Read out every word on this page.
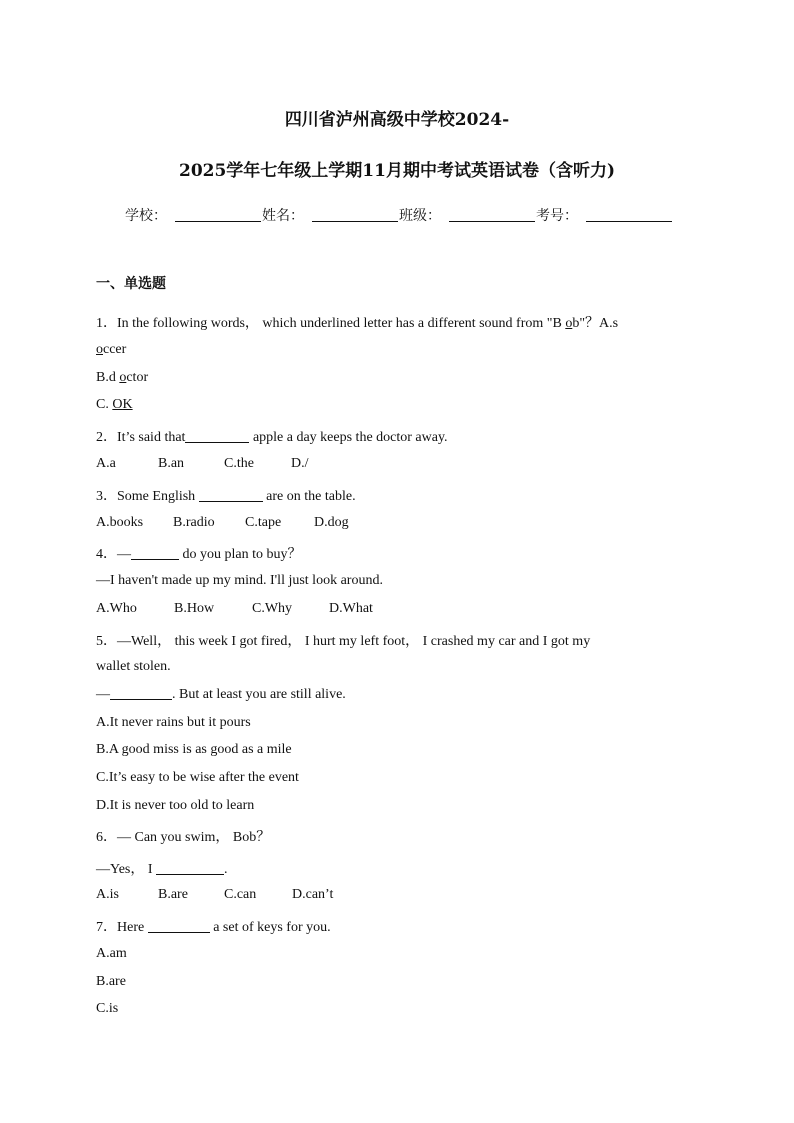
四川省泸州高级中学校2024-
2025学年七年级上学期11月期中考试英语试卷（含听力)
学校：	姓名：	班级：	考号：
一、单选题
1．In the following words， which underlined letter has a different sound from "B ob"？A.s
occer
B.d octor
C. OK
2．It’s said that	apple a day keeps the doctor away.
A.a	B.an	C.the	D./
3．Some English	are on the table.
A.books B.radio C.tape D.dog
4．—	do you plan to buy？
—I haven't made up my mind. I'll just look around.
A.Who	B.How	C.Why	D.What
5．—Well， this week I got fired， I hurt my left foot， I crashed my car and I got my
wallet stolen.
—	. But at least you are still alive.
A.It never rains but it pours
B.A good miss is as good as a mile
C.It’s easy to be wise after the event
D.It is never too old to learn
6．— Can you swim， Bob？
—Yes， I	.
A.is	B.are	C.can	D.can’t
7．Here	a set of keys for you.
A.am
B.are
C.is
